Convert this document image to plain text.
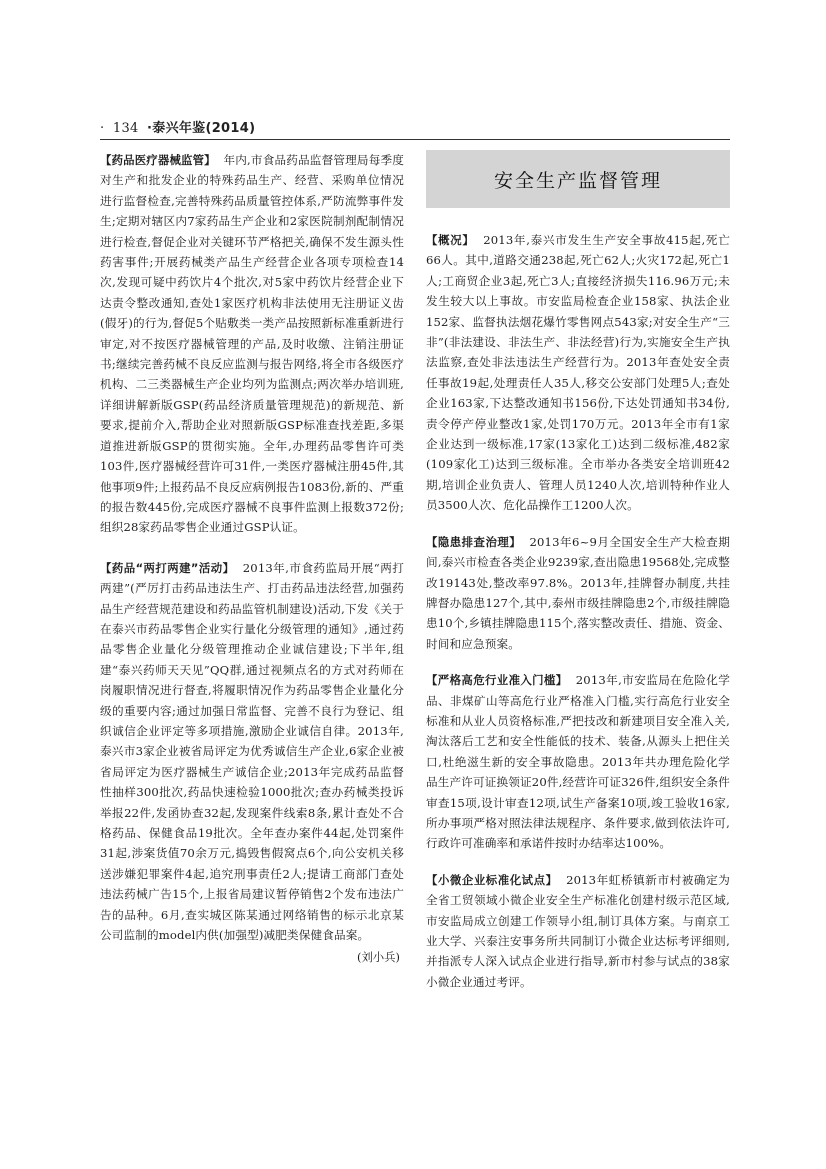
· 134 ·泰兴年鉴(2014)

【药品医疗器械监管】 年内,市食品药品监督管理局每季度对生产和批发企业的特殊药品生产、经营、采购单位情况进行监督检查,完善特殊药品质量管控体系,严防流弊事件发生;定期对辖区内7家药品生产企业和2家医院制剂配制情况进行检查,督促企业对关键环节严格把关,确保不发生源头性药害事件;开展药械类产品生产经营企业各项专项检查14次,发现可疑中药饮片4个批次,对5家中药饮片经营企业下达责令整改通知,查处1家医疗机构非法使用无注册证义齿(假牙)的行为,督促5个贴敷类一类产品按照新标准重新进行审定,对不按医疗器械管理的产品,及时收缴、注销注册证书;继续完善药械不良反应监测与报告网络,将全市各级医疗机构、二三类器械生产企业均列为监测点;两次举办培训班,详细讲解新版GSP(药品经济质量管理规范)的新规范、新要求,提前介入,帮助企业对照新版GSP标准查找差距,多渠道推进新版GSP的贯彻实施。全年,办理药品零售许可类103件,医疗器械经营许可31件,一类医疗器械注册45件,其他事项9件;上报药品不良反应病例报告1083份,新的、严重的报告数445份,完成医疗器械不良事件监测上报数372份;组织28家药品零售企业通过GSP认证。

【药品“两打两建”活动】 2013年,市食药监局开展“两打两建”(严厉打击药品违法生产、打击药品违法经营,加强药品生产经营规范建设和药品监管机制建设)活动,下发《关于在泰兴市药品零售企业实行量化分级管理的通知》,通过药品零售企业量化分级管理推动企业诚信建设;下半年,组建“泰兴药师天天见”QQ群,通过视频点名的方式对药师在岗履职情况进行督查,将履职情况作为药品零售企业量化分级的重要内容;通过加强日常监督、完善不良行为登记、组织诚信企业评定等多项措施,激励企业诚信自律。2013年,泰兴市3家企业被省局评定为优秀诚信生产企业,6家企业被省局评定为医疗器械生产诚信企业;2013年完成药品监督性抽样300批次,药品快速检验1000批次;查办药械类投诉举报22件,发函协查32起,发现案件线索8条,累计查处不合格药品、保健食品19批次。全年查办案件44起,处罚案件31起,涉案货值70余万元,捣毁售假窝点6个,向公安机关移送涉嫌犯罪案件4起,追究刑事责任2人;提请工商部门查处违法药械广告15个,上报省局建议暂停销售2个发布违法广告的品种。6月,查实城区陈某通过网络销售的标示北京某公司监制的model内供(加强型)减肥类保健食品案。

(刘小兵)
安全生产监督管理

【概况】 2013年,泰兴市发生生产安全事故415起,死亡66人。其中,道路交通238起,死亡62人;火灾172起,死亡1人;工商贸企业3起,死亡3人;直接经济损失116.96万元;未发生较大以上事故。市安监局检查企业158家、执法企业152家、监督执法烟花爆竹零售网点543家;对安全生产“三非”(非法建设、非法生产、非法经营)行为,实施安全生产执法监察,查处非法违法生产经营行为。2013年查处安全责任事故19起,处理责任人35人,移交公安部门处理5人;查处企业163家,下达整改通知书156份,下达处罚通知书34份,责令停产停业整改1家,处罚170万元。2013年全市有1家企业达到一级标准,17家(13家化工)达到二级标准,482家(109家化工)达到三级标准。全市举办各类安全培训班42期,培训企业负责人、管理人员1240人次,培训特种作业人员3500人次、危化品操作工1200人次。

【隐患排查治理】 2013年6~9月全国安全生产大检查期间,泰兴市检查各类企业9239家,查出隐患19568处,完成整改19143处,整改率97.8%。2013年,挂牌督办制度,共挂牌督办隐患127个,其中,泰州市级挂牌隐患2个,市级挂牌隐患10个,乡镇挂牌隐患115个,落实整改责任、措施、资金、时间和应急预案。

【严格高危行业准入门槛】 2013年,市安监局在危险化学品、非煤矿山等高危行业严格准入门槛,实行高危行业安全标准和从业人员资格标准,严把技改和新建项目安全准入关,淘汰落后工艺和安全性能低的技术、装备,从源头上把住关口,杜绝滋生新的安全事故隐患。2013年共办理危险化学品生产许可证换领证20件,经营许可证326件,组织安全条件审查15项,设计审查12项,试生产备案10项,竣工验收16家,所办事项严格对照法律法规程序、条件要求,做到依法许可,行政许可准确率和承诺件按时办结率达100%。

【小微企业标准化试点】 2013年虹桥镇新市村被确定为全省工贸领域小微企业安全生产标准化创建村级示范区域,市安监局成立创建工作领导小组,制订具体方案。与南京工业大学、兴泰注安事务所共同制订小微企业达标考评细则,并指派专人深入试点企业进行指导,新市村参与试点的38家小微企业通过考评。
